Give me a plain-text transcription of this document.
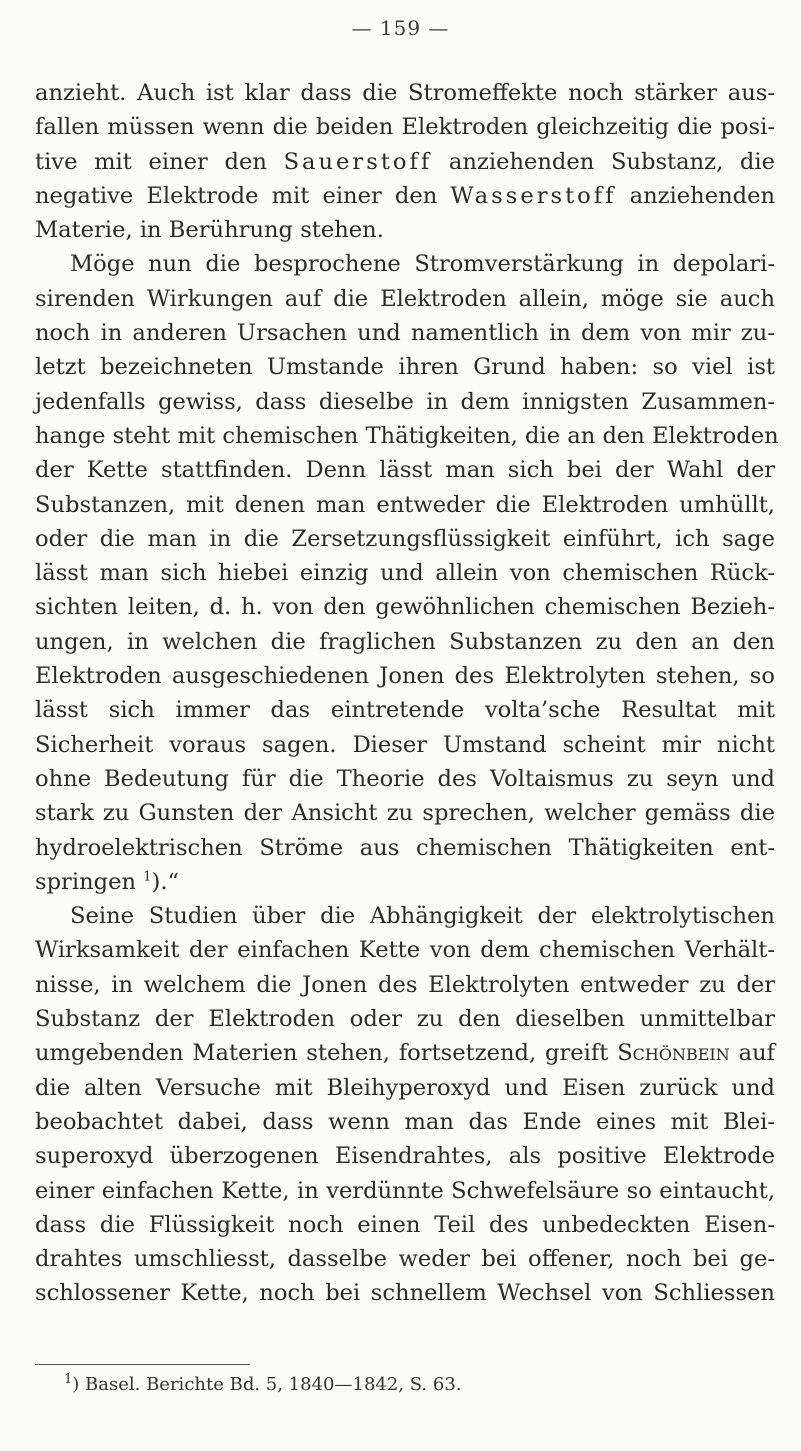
— 159 —
anzieht. Auch ist klar dass die Stromeffekte noch stärker aus-
fallen müssen wenn die beiden Elektroden gleichzeitig die posi-
tive mit einer den Sauerstoff anziehenden Substanz, die
negative Elektrode mit einer den Wasserstoff anziehenden
Materie, in Berührung stehen.
Möge nun die besprochene Stromverstärkung in depolari-
sirenden Wirkungen auf die Elektroden allein, möge sie auch
noch in anderen Ursachen und namentlich in dem von mir zu-
letzt bezeichneten Umstande ihren Grund haben: so viel ist
jedenfalls gewiss, dass dieselbe in dem innigsten Zusammen-
hange steht mit chemischen Thätigkeiten, die an den Elektroden
der Kette stattfinden. Denn lässt man sich bei der Wahl der
Substanzen, mit denen man entweder die Elektroden umhüllt,
oder die man in die Zersetzungsflüssigkeit einführt, ich sage
lässt man sich hiebei einzig und allein von chemischen Rück-
sichten leiten, d. h. von den gewöhnlichen chemischen Bezieh-
ungen, in welchen die fraglichen Substanzen zu den an den
Elektroden ausgeschiedenen Jonen des Elektrolyten stehen, so
lässt sich immer das eintretende volta’sche Resultat mit
Sicherheit voraus sagen. Dieser Umstand scheint mir nicht
ohne Bedeutung für die Theorie des Voltaismus zu seyn und
stark zu Gunsten der Ansicht zu sprechen, welcher gemäss die
hydroelektrischen Ströme aus chemischen Thätigkeiten ent-
springen $^1$).“
Seine Studien über die Abhängigkeit der elektrolytischen
Wirksamkeit der einfachen Kette von dem chemischen Verhält-
nisse, in welchem die Jonen des Elektrolyten entweder zu der
Substanz der Elektroden oder zu den dieselben unmittelbar
umgebenden Materien stehen, fortsetzend, greift Schönbein auf
die alten Versuche mit Bleihyperoxyd und Eisen zurück und
beobachtet dabei, dass wenn man das Ende eines mit Blei-
superoxyd überzogenen Eisendrahtes, als positive Elektrode
einer einfachen Kette, in verdünnte Schwefelsäure so eintaucht,
dass die Flüssigkeit noch einen Teil des unbedeckten Eisen-
drahtes umschliesst, dasselbe weder bei offener, noch bei ge-
schlossener Kette, noch bei schnellem Wechsel von Schliessen
$^1$) Basel. Berichte Bd. 5, 1840—1842, S. 63.
